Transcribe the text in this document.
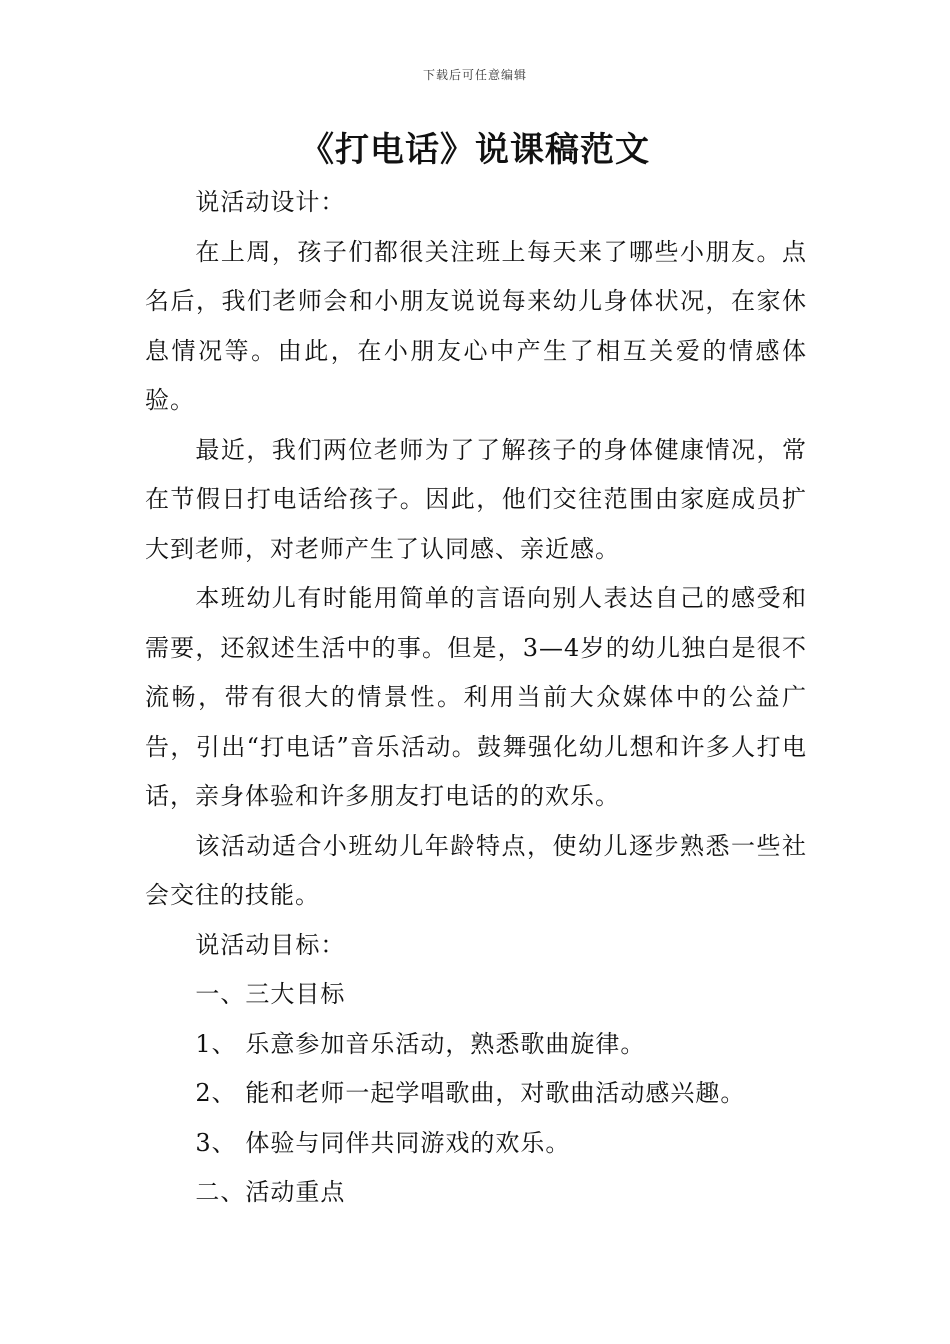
下载后可任意编辑
《打电话》说课稿范文

说活动设计：

在上周，孩子们都很关注班上每天来了哪些小朋友。点名后，我们老师会和小朋友说说每来幼儿身体状况，在家休息情况等。由此，在小朋友心中产生了相互关爱的情感体验。

最近，我们两位老师为了了解孩子的身体健康情况，常在节假日打电话给孩子。因此，他们交往范围由家庭成员扩大到老师，对老师产生了认同感、亲近感。

本班幼儿有时能用简单的言语向别人表达自己的感受和需要，还叙述生活中的事。但是，3—4岁的幼儿独白是很不流畅，带有很大的情景性。利用当前大众媒体中的公益广告，引出“打电话”音乐活动。鼓舞强化幼儿想和许多人打电话，亲身体验和许多朋友打电话的的欢乐。

该活动适合小班幼儿年龄特点，使幼儿逐步熟悉一些社会交往的技能。

说活动目标：

一、三大目标

1、 乐意参加音乐活动，熟悉歌曲旋律。

2、 能和老师一起学唱歌曲，对歌曲活动感兴趣。

3、 体验与同伴共同游戏的欢乐。

二、活动重点
